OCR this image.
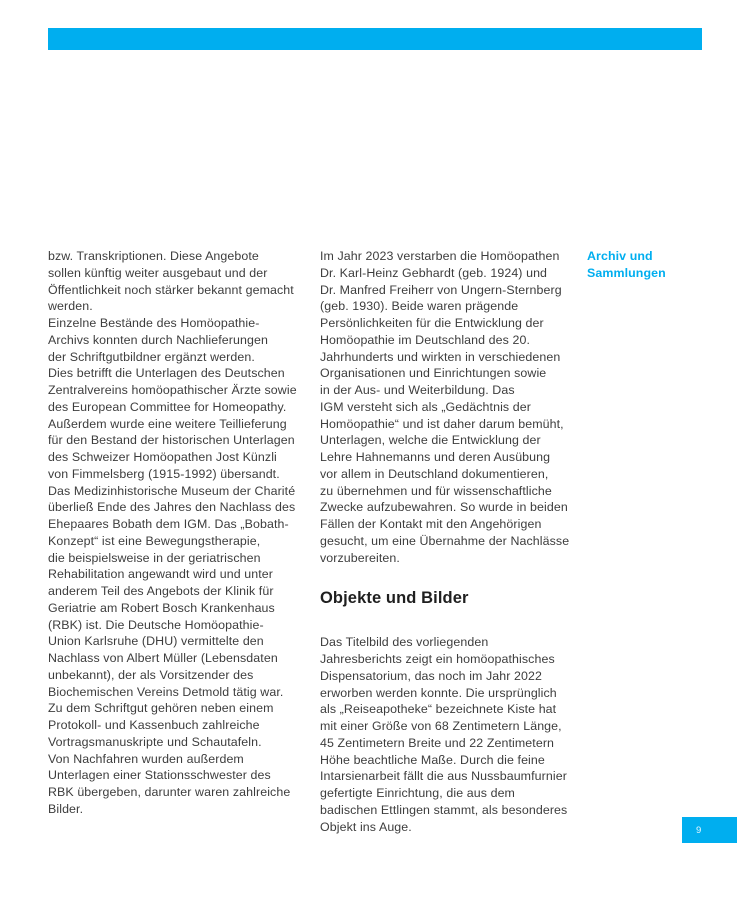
bzw. Transkriptionen. Diese Angebote
sollen künftig weiter ausgebaut und der
Öffentlichkeit noch stärker bekannt gemacht
werden.
Einzelne Bestände des Homöopathie-
Archivs konnten durch Nachlieferungen
der Schriftgutbildner ergänzt werden.
Dies betrifft die Unterlagen des Deutschen
Zentralvereins homöopathischer Ärzte sowie
des European Committee for Homeopathy.
Außerdem wurde eine weitere Teillieferung
für den Bestand der historischen Unterlagen
des Schweizer Homöopathen Jost Künzli
von Fimmelsberg (1915-1992) übersandt.
Das Medizinhistorische Museum der Charité
überließ Ende des Jahres den Nachlass des
Ehepaares Bobath dem IGM. Das „Bobath-
Konzept“ ist eine Bewegungstherapie,
die beispielsweise in der geriatrischen
Rehabilitation angewandt wird und unter
anderem Teil des Angebots der Klinik für
Geriatrie am Robert Bosch Krankenhaus
(RBK) ist. Die Deutsche Homöopathie-
Union Karlsruhe (DHU) vermittelte den
Nachlass von Albert Müller (Lebensdaten
unbekannt), der als Vorsitzender des
Biochemischen Vereins Detmold tätig war.
Zu dem Schriftgut gehören neben einem
Protokoll- und Kassenbuch zahlreiche
Vortragsmanuskripte und Schautafeln.
Von Nachfahren wurden außerdem
Unterlagen einer Stationsschwester des
RBK übergeben, darunter waren zahlreiche
Bilder.
Im Jahr 2023 verstarben die Homöopathen
Dr. Karl-Heinz Gebhardt (geb. 1924) und
Dr. Manfred Freiherr von Ungern-Sternberg
(geb. 1930). Beide waren prägende
Persönlichkeiten für die Entwicklung der
Homöopathie im Deutschland des 20.
Jahrhunderts und wirkten in verschiedenen
Organisationen und Einrichtungen sowie
in der Aus- und Weiterbildung. Das
IGM versteht sich als „Gedächtnis der
Homöopathie“ und ist daher darum bemüht,
Unterlagen, welche die Entwicklung der
Lehre Hahnemanns und deren Ausübung
vor allem in Deutschland dokumentieren,
zu übernehmen und für wissenschaftliche
Zwecke aufzubewahren. So wurde in beiden
Fällen der Kontakt mit den Angehörigen
gesucht, um eine Übernahme der Nachlässe
vorzubereiten.
Objekte und Bilder
Das Titelbild des vorliegenden
Jahresberichts zeigt ein homöopathisches
Dispensatorium, das noch im Jahr 2022
erworben werden konnte. Die ursprünglich
als „Reiseapotheke“ bezeichnete Kiste hat
mit einer Größe von 68 Zentimetern Länge,
45 Zentimetern Breite und 22 Zentimetern
Höhe beachtliche Maße. Durch die feine
Intarsienarbeit fällt die aus Nussbaumfurnier
gefertigte Einrichtung, die aus dem
badischen Ettlingen stammt, als besonderes
Objekt ins Auge.
Archiv und
Sammlungen
9
